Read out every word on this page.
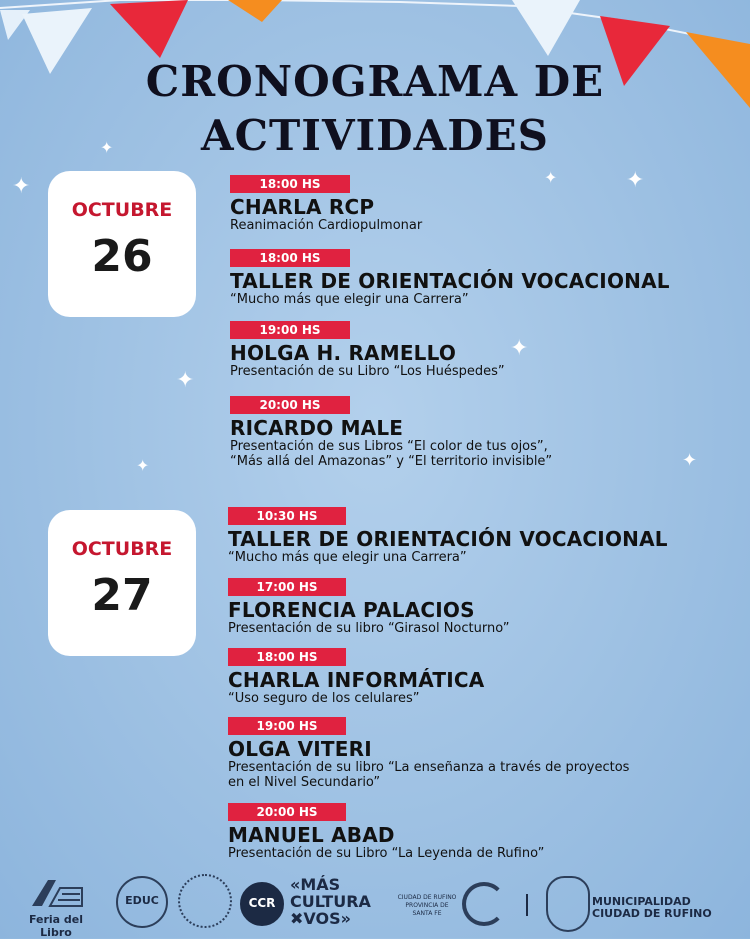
CRONOGRAMA DE
ACTIVIDADES
✦
✦
✦	✦
✦
✦
✦	✦
OCTUBRE
26
18:00 HS
CHARLA RCP
Reanimación Cardiopulmonar
18:00 HS
TALLER DE ORIENTACIÓN VOCACIONAL
“Mucho más que elegir una Carrera”
19:00 HS
HOLGA H. RAMELLO
Presentación de su Libro “Los Huéspedes”
20:00 HS
RICARDO MALE
Presentación de sus Libros “El color de tus ojos”,
“Más allá del Amazonas” y “El territorio invisible”
OCTUBRE
27
10:30 HS
TALLER DE ORIENTACIÓN VOCACIONAL
“Mucho más que elegir una Carrera”
17:00 HS
FLORENCIA PALACIOS
Presentación de su libro “Girasol Nocturno”
18:00 HS
CHARLA INFORMÁTICA
“Uso seguro de los celulares”
19:00 HS
OLGA VITERI
Presentación de su libro “La enseñanza a través de proyectos
en el Nivel Secundario”
20:00 HS
MANUEL ABAD
Presentación de su Libro “La Leyenda de Rufino”
Feria del Libro
EDUC	CCR
«MÁS
CULTURA
✖VOS»
CIUDAD DE RUFINO PROVINCIA DE SANTA FE
MUNICIPALIDAD
CIUDAD DE RUFINO
